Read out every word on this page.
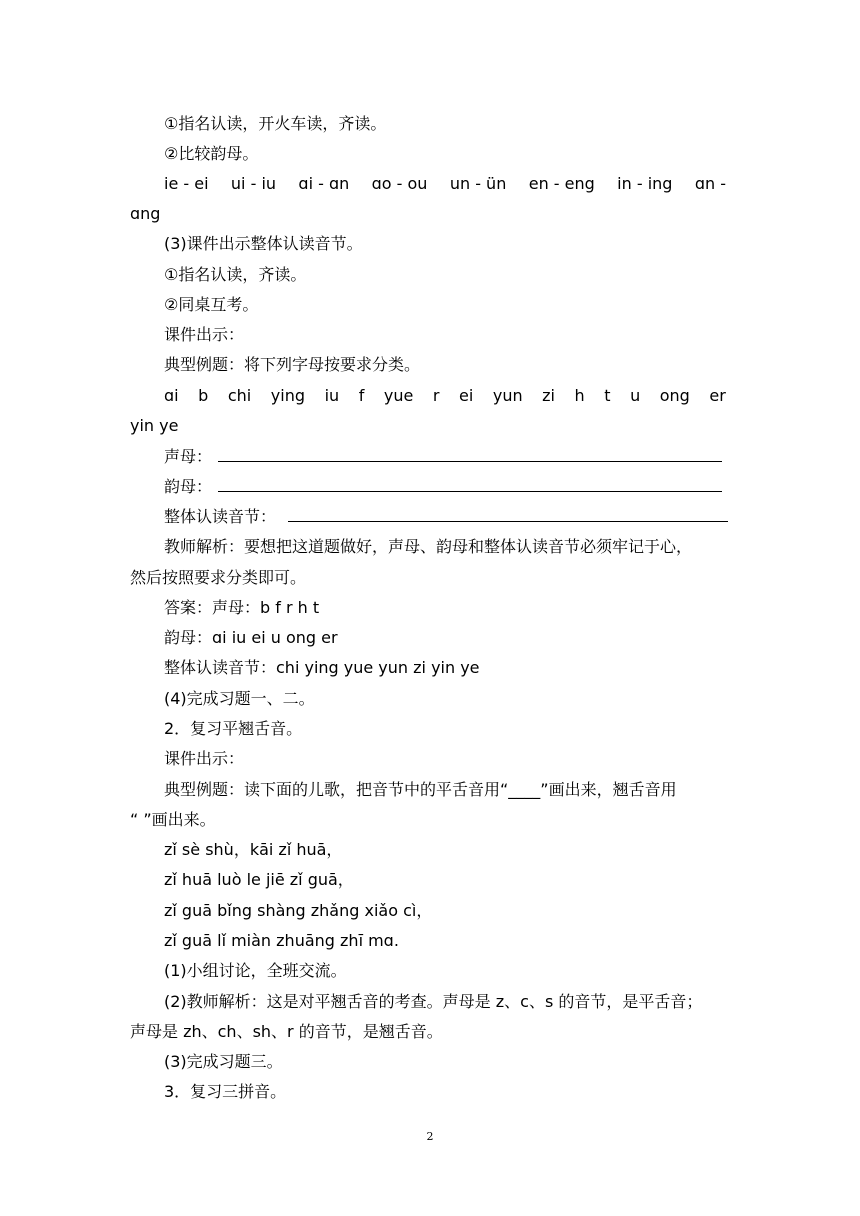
①指名认读，开火车读，齐读。
②比较韵母。
ie - ei ui - iu ɑi - ɑn ɑo - ou un - ün en - eng in - ing ɑn -
ɑng
(3)课件出示整体认读音节。
①指名认读，齐读。
②同桌互考。
课件出示：
典型例题：将下列字母按要求分类。
ɑi b chi ying iu f yue r ei yun zi h t u ong er
yin ye
声母：
韵母：
整体认读音节：
教师解析：要想把这道题做好，声母、韵母和整体认读音节必须牢记于心，
然后按照要求分类即可。
答案：声母：b f r h t
韵母：ɑi iu ei u ong er
整体认读音节：chi ying yue yun zi yin ye
(4)完成习题一、二。
2．复习平翘舌音。
课件出示：
典型例题：读下面的儿歌，把音节中的平舌音用“____”画出来，翘舌音用
“ ”画出来。
zǐ sè shù，kāi zǐ huā，
zǐ huā luò le jiē zǐ guā，
zǐ guā bǐng shàng zhǎng xiǎo cì，
zǐ guā lǐ miàn zhuāng zhī mɑ.
(1)小组讨论，全班交流。
(2)教师解析：这是对平翘舌音的考查。声母是 z、c、s 的音节，是平舌音；
声母是 zh、ch、sh、r 的音节，是翘舌音。
(3)完成习题三。
3．复习三拼音。
2
